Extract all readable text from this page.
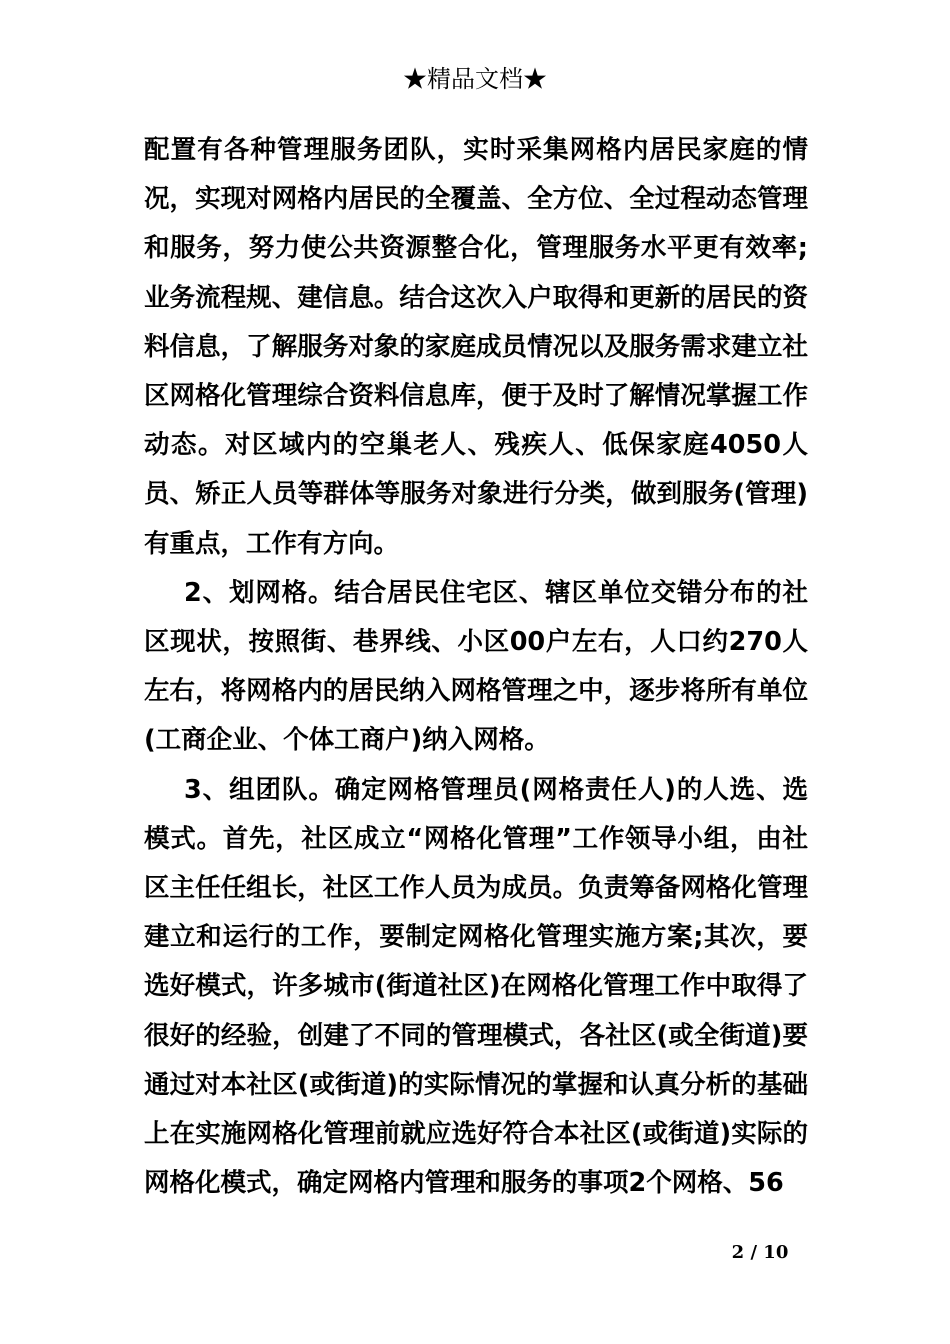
★精品文档★

配置有各种管理服务团队，实时采集网格内居民家庭的情况，实现对网格内居民的全覆盖、全方位、全过程动态管理和服务，努力使公共资源整合化，管理服务水平更有效率;业务流程规、建信息。结合这次入户取得和更新的居民的资料信息，了解服务对象的家庭成员情况以及服务需求建立社区网格化管理综合资料信息库，便于及时了解情况掌握工作动态。对区域内的空巢老人、残疾人、低保家庭4050人员、矫正人员等群体等服务对象进行分类，做到服务(管理)有重点，工作有方向。

2、划网格。结合居民住宅区、辖区单位交错分布的社区现状，按照街、巷界线、小区00户左右，人口约270人左右，将网格内的居民纳入网格管理之中，逐步将所有单位(工商企业、个体工商户)纳入网格。

3、组团队。确定网格管理员(网格责任人)的人选、选模式。首先，社区成立“网格化管理”工作领导小组，由社区主任任组长，社区工作人员为成员。负责筹备网格化管理建立和运行的工作，要制定网格化管理实施方案;其次，要选好模式，许多城市(街道社区)在网格化管理工作中取得了很好的经验，创建了不同的管理模式，各社区(或全街道)要通过对本社区(或街道)的实际情况的掌握和认真分析的基础上在实施网格化管理前就应选好符合本社区(或街道)实际的网格化模式，确定网格内管理和服务的事项2个网格、56

2 / 10
